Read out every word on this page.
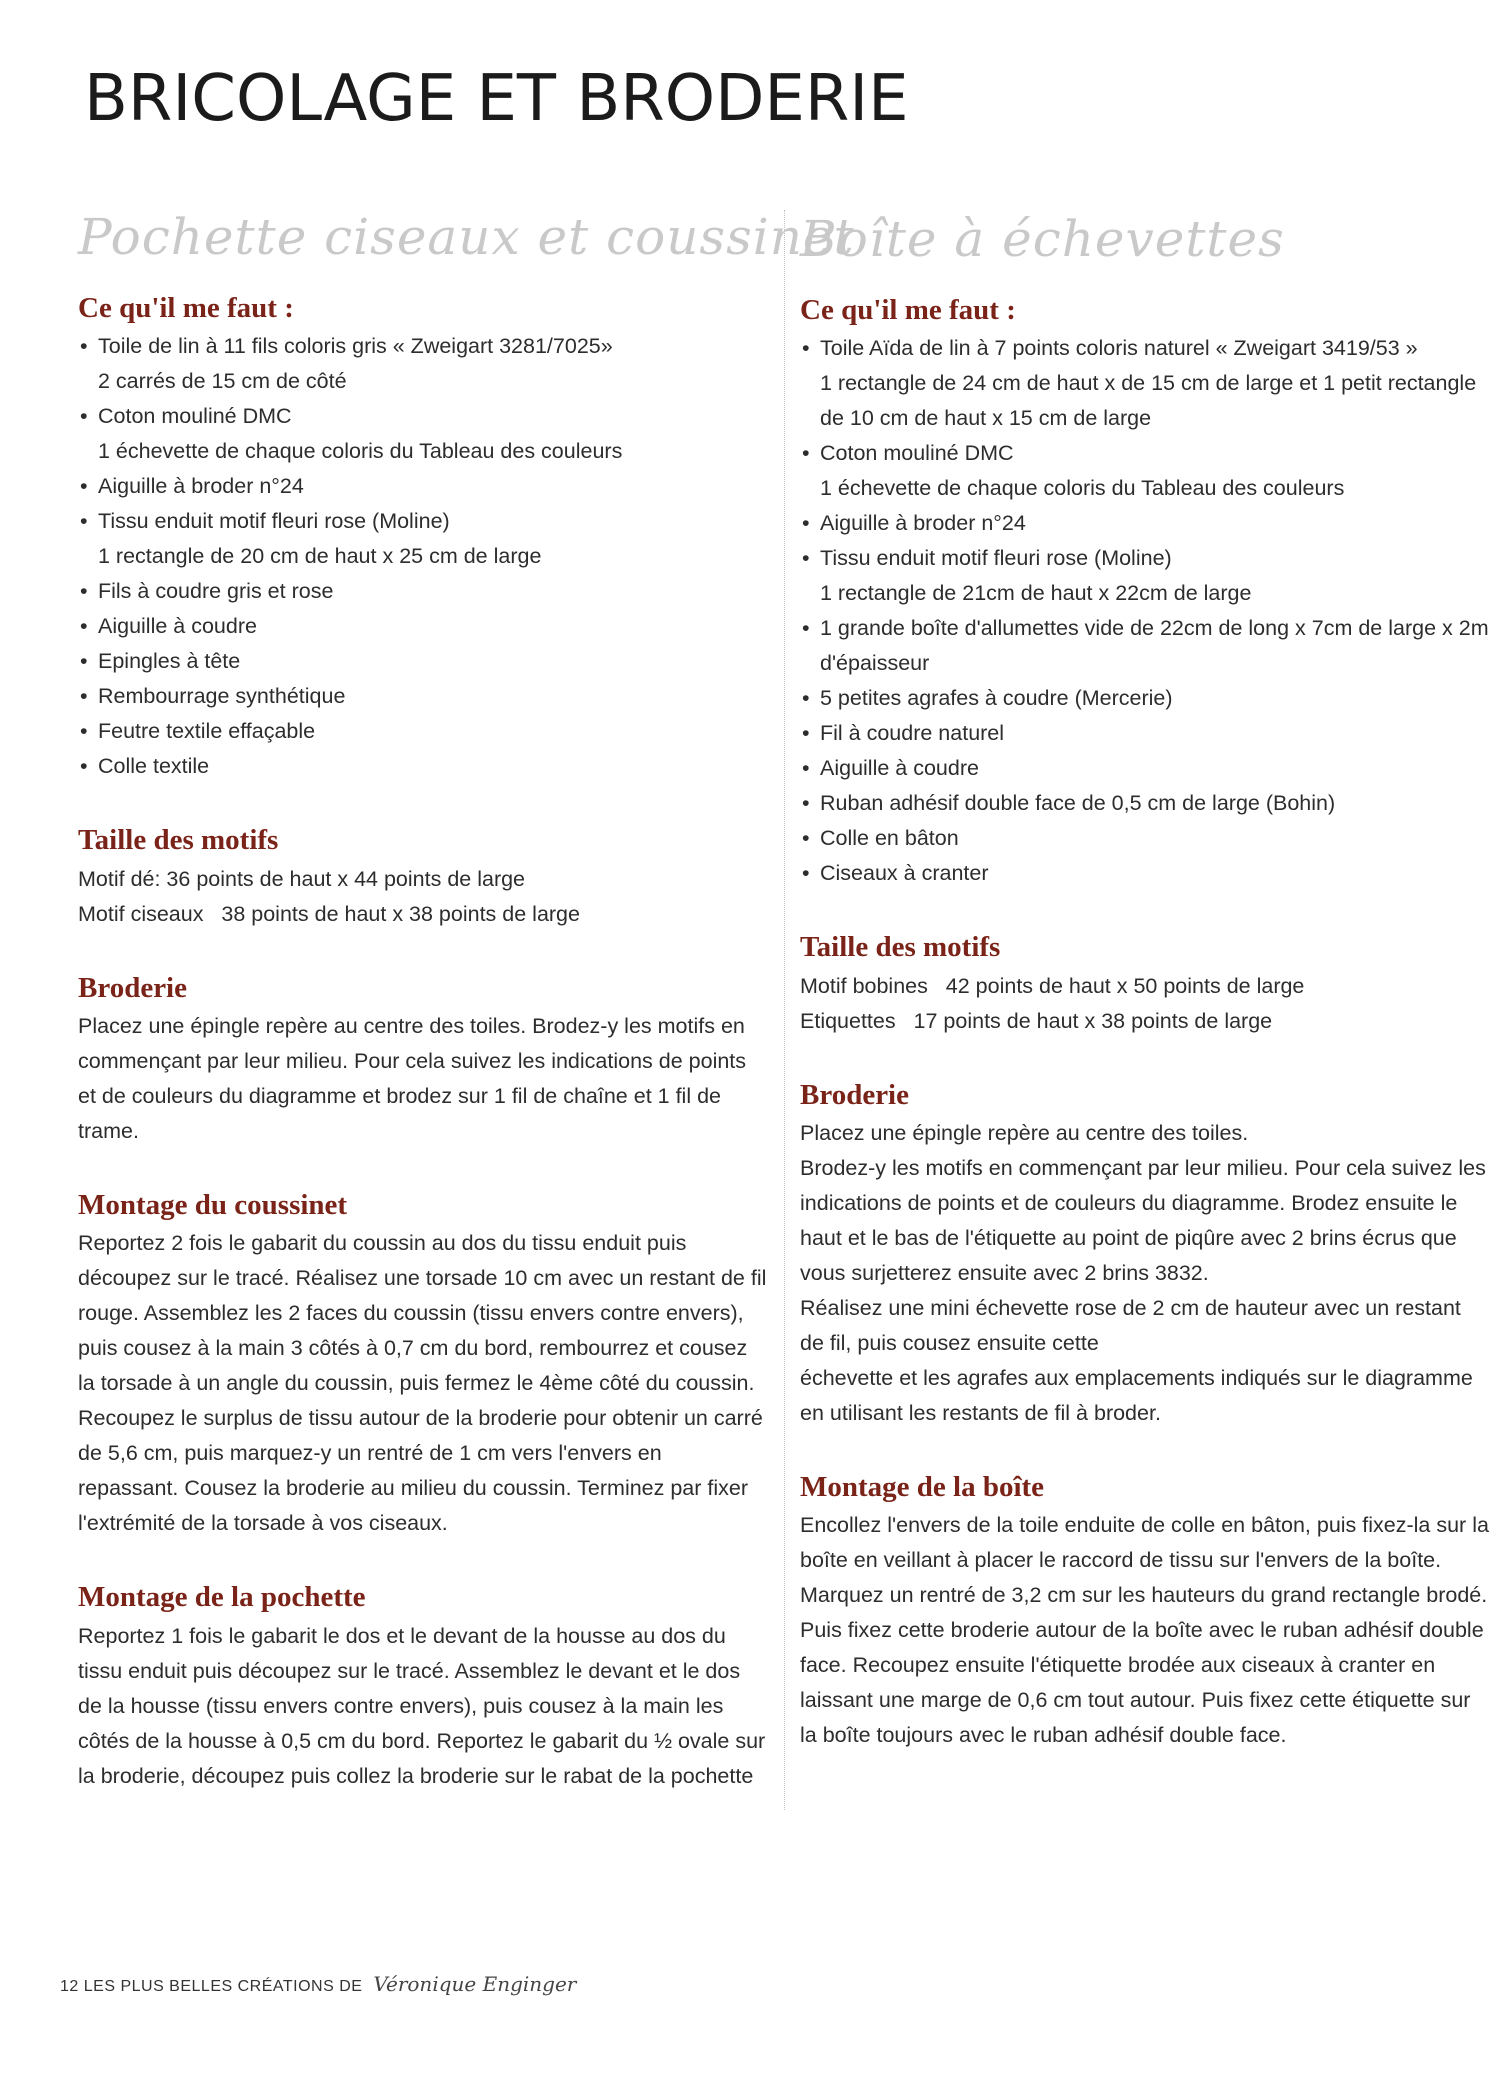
BRICOLAGE ET BRODERIE
Pochette ciseaux et coussinet
Ce qu'il me faut :
• Toile de lin à 11 fils coloris gris « Zweigart 3281/7025»
2 carrés de 15 cm de côté
• Coton mouliné DMC
1 échevette de chaque coloris du Tableau des couleurs
• Aiguille à broder n°24
• Tissu enduit motif fleuri rose (Moline)
1 rectangle de 20 cm de haut x 25 cm de large
• Fils à coudre gris et rose
• Aiguille à coudre
• Epingles à tête
• Rembourrage synthétique
• Feutre textile effaçable
• Colle textile
Taille des motifs
Motif dé: 36 points de haut x 44 points de large
Motif ciseaux   38 points de haut x 38 points de large
Broderie

Placez une épingle repère au centre des toiles. Brodez-y les motifs en commençant par leur milieu. Pour cela suivez les indications de points et de couleurs du diagramme et brodez sur 1 fil de chaîne et 1 fil de trame.

Montage du coussinet

Reportez 2 fois le gabarit du coussin au dos du tissu enduit puis découpez sur le tracé. Réalisez une torsade 10 cm avec un restant de fil rouge. Assemblez les 2 faces du coussin (tissu envers contre envers), puis cousez à la main 3 côtés à 0,7 cm du bord, rembourrez et cousez la torsade à un angle du coussin, puis fermez le 4ème côté du coussin. Recoupez le surplus de tissu autour de la broderie pour obtenir un carré de 5,6 cm, puis marquez-y un rentré de 1 cm vers l'envers en repassant. Cousez la broderie au milieu du coussin. Terminez par fixer l'extrémité de la torsade à vos ciseaux.

Montage de la pochette

Reportez 1 fois le gabarit le dos et le devant de la housse au dos du tissu enduit puis découpez sur le tracé. Assemblez le devant et le dos de la housse (tissu envers contre envers), puis cousez à la main les côtés de la housse à 0,5 cm du bord. Reportez le gabarit du ½ ovale sur la broderie, découpez puis collez la broderie sur le rabat de la pochette

Boîte à échevettes
Ce qu'il me faut :
• Toile Aïda de lin à 7 points coloris naturel « Zweigart 3419/53 »
1 rectangle de 24 cm de haut x de 15 cm de large et 1 petit rectangle de 10 cm de haut x 15 cm de large
• Coton mouliné DMC
1 échevette de chaque coloris du Tableau des couleurs
• Aiguille à broder n°24
• Tissu enduit motif fleuri rose (Moline)
1 rectangle de 21cm de haut x 22cm de large
• 1 grande boîte d'allumettes vide de 22cm de long x 7cm de large x 2m d'épaisseur
• 5 petites agrafes à coudre (Mercerie)
• Fil à coudre naturel
• Aiguille à coudre
• Ruban adhésif double face de 0,5 cm de large (Bohin)
• Colle en bâton
• Ciseaux à cranter
Taille des motifs
Motif bobines   42 points de haut x 50 points de large
Etiquettes   17 points de haut x 38 points de large
Broderie

Placez une épingle repère au centre des toiles.

Brodez-y les motifs en commençant par leur milieu. Pour cela suivez les indications de points et de couleurs du diagramme. Brodez ensuite le haut et le bas de l'étiquette au point de piqûre avec 2 brins écrus que vous surjetterez ensuite avec 2 brins 3832.

Réalisez une mini échevette rose de 2 cm de hauteur avec un restant de fil, puis cousez ensuite cette

échevette et les agrafes aux emplacements indiqués sur le diagramme en utilisant les restants de fil à broder.

Montage de la boîte

Encollez l'envers de la toile enduite de colle en bâton, puis fixez-la sur la boîte en veillant à placer le raccord de tissu sur l'envers de la boîte. Marquez un rentré de 3,2 cm sur les hauteurs du grand rectangle brodé. Puis fixez cette broderie autour de la boîte avec le ruban adhésif double face. Recoupez ensuite l'étiquette brodée aux ciseaux à cranter en laissant une marge de 0,6 cm tout autour. Puis fixez cette étiquette sur la boîte toujours avec le ruban adhésif double face.

12 LES PLUS BELLES CRÉATIONS DE Véronique Enginger
